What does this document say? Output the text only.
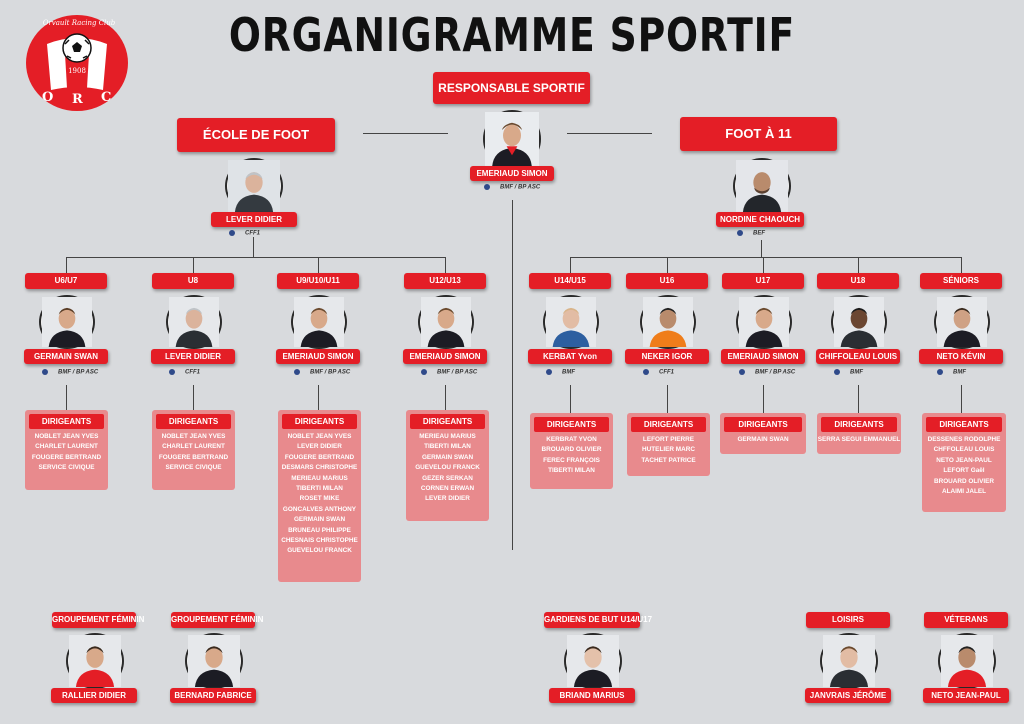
Orvault Racing Club
1908
O R C
ORGANIGRAMME SPORTIF
RESPONSABLE SPORTIF
EMERIAUD SIMON
BMF / BP ASC
ÉCOLE DE FOOT
LEVER DIDIER
CFF1
FOOT À 11
NORDINE CHAOUCH
BEF
U6/U7
GERMAIN SWAN
BMF / BP ASC
DIRIGEANTS
NOBLET JEAN YVES
CHARLET LAURENT
FOUGERE BERTRAND
SERVICE CIVIQUE
U8
LEVER DIDIER
CFF1
DIRIGEANTS
NOBLET JEAN YVES
CHARLET LAURENT
FOUGERE BERTRAND
SERVICE CIVIQUE
U9/U10/U11
EMERIAUD SIMON
BMF / BP ASC
DIRIGEANTS
NOBLET JEAN YVES
LEVER DIDIER
FOUGERE BERTRAND
DESMARS CHRISTOPHE
MERIEAU MARIUS
TIBERTI MILAN
ROSET MIKE
GONCALVES ANTHONY
GERMAIN SWAN
BRUNEAU PHILIPPE
CHESNAIS CHRISTOPHE
GUEVELOU FRANCK
U12/U13
EMERIAUD SIMON
BMF / BP ASC
DIRIGEANTS
MERIEAU MARIUS
TIBERTI MILAN
GERMAIN SWAN
GUEVELOU FRANCK
GEZER SERKAN
CORNEN ERWAN
LEVER DIDIER
U14/U15
KERBAT Yvon
BMF
DIRIGEANTS
KERBRAT YVON
BROUARD OLIVIER
FEREC FRANÇOIS
TIBERTI MILAN
U16
NEKER IGOR
CFF1
DIRIGEANTS
LEFORT PIERRE
HUTELIER MARC
TACHET PATRICE
U17
EMERIAUD SIMON
BMF / BP ASC
DIRIGEANTS
GERMAIN SWAN
U18
CHIFFOLEAU LOUIS
BMF
DIRIGEANTS
SERRA SEGUI EMMANUEL
SÉNIORS
NETO KÉVIN
BMF
DIRIGEANTS
DESSENES RODOLPHE
CHFFOLEAU LOUIS
NETO JEAN-PAUL
LEFORT Gaël
BROUARD OLIVIER
ALAIMI JALEL
GROUPEMENT FÉMININ
RALLIER DIDIER
GROUPEMENT FÉMININ
BERNARD FABRICE
GARDIENS DE BUT U14/U17
BRIAND MARIUS
LOISIRS
JANVRAIS JÉRÔME
VÉTERANS
NETO JEAN-PAUL
